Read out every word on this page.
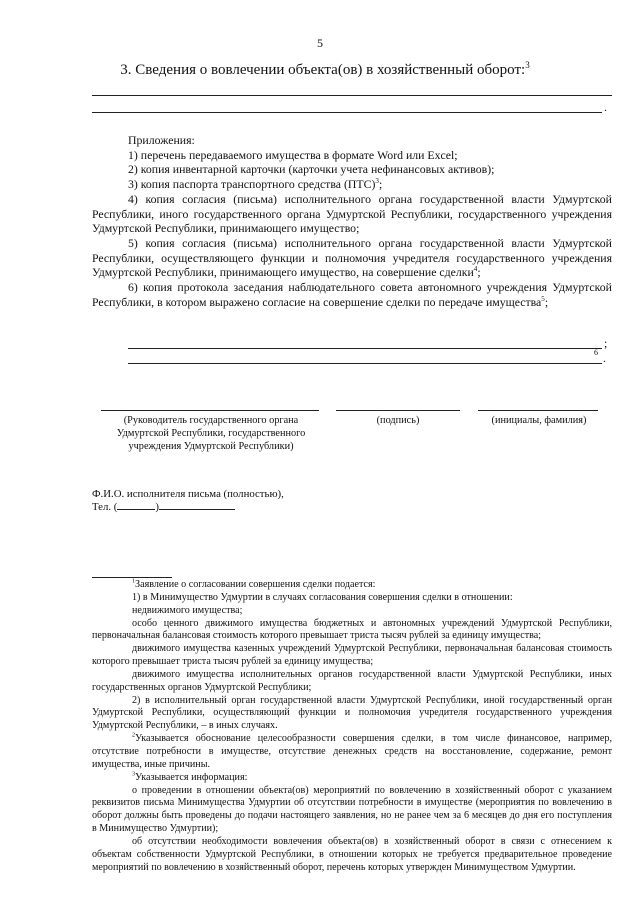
5
3. Сведения о вовлечении объекта(ов) в хозяйственный оборот:$^3$
.
Приложения:
1) перечень передаваемого имущества в формате Word или Excel;
2) копия инвентарной карточки (карточки учета нефинансовых активов);
3) копия паспорта транспортного средства (ПТС)$^3$;
4) копия согласия (письма) исполнительного органа государственной власти Удмуртской Республики, иного государственного органа Удмуртской Республики, государственного учреждения Удмуртской Республики, принимающего имущество;
5) копия согласия (письма) исполнительного органа государственной власти Удмуртской Республики, осуществляющего функции и полномочия учредителя государственного учреждения Удмуртской Республики, принимающего имущество, на совершение сделки$^4$;
6) копия протокола заседания наблюдательного совета автономного учреждения Удмуртской Республики, в котором выражено согласие на совершение сделки по передаче имущества$^5$;
;
6 .
(Руководитель государственного органа Удмуртской Республики, государственного учреждения Удмуртской Республики)
(подпись)	(инициалы, фамилия)
Ф.И.О. исполнителя письма (полностью),
Тел. (	)

$^1$Заявление о согласовании совершения сделки подается:

1) в Минимущество Удмуртии в случаях согласования совершения сделки в отношении:

недвижимого имущества;

особо ценного движимого имущества бюджетных и автономных учреждений Удмуртской Республики, первоначальная балансовая стоимость которого превышает триста тысяч рублей за единицу имущества;

движимого имущества казенных учреждений Удмуртской Республики, первоначальная балансовая стоимость которого превышает триста тысяч рублей за единицу имущества;

движимого имущества исполнительных органов государственной власти Удмуртской Республики, иных государственных органов Удмуртской Республики;

2) в исполнительный орган государственной власти Удмуртской Республики, иной государственный орган Удмуртской Республики, осуществляющий функции и полномочия учредителя государственного учреждения Удмуртской Республики, – в иных случаях.

$^2$Указывается обоснование целесообразности совершения сделки, в том числе финансовое, например, отсутствие потребности в имуществе, отсутствие денежных средств на восстановление, содержание, ремонт имущества, иные причины.

$^3$Указывается информация:

о проведении в отношении объекта(ов) мероприятий по вовлечению в хозяйственный оборот с указанием реквизитов письма Минимущества Удмуртии об отсутствии потребности в имуществе (мероприятия по вовлечению в оборот должны быть проведены до подачи настоящего заявления, но не ранее чем за 6 месяцев до дня его поступления в Минимущество Удмуртии);

об отсутствии необходимости вовлечения объекта(ов) в хозяйственный оборот в связи с отнесением к объектам собственности Удмуртской Республики, в отношении которых не требуется предварительное проведение мероприятий по вовлечению в хозяйственный оборот, перечень которых утвержден Минимуществом Удмуртии.
